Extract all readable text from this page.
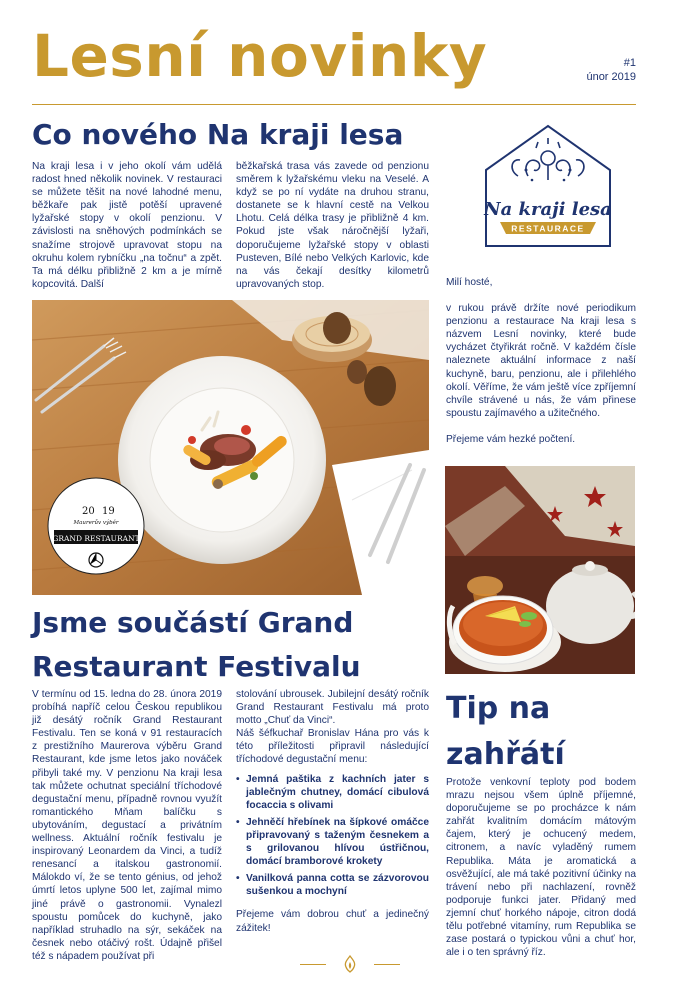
Lesní novinky	#1
únor 2019
Co nového Na kraji lesa

Na kraji lesa i v jeho okolí vám udělá radost hned několik novinek. V restauraci se můžete těšit na nové lahodné menu, běžkaře pak jistě potěší upravené lyžařské stopy v okolí penzionu. V závislosti na sněhových podmínkách se snažíme strojově upravovat stopu na okruhu kolem rybníčku „na točnu“ a zpět. Ta má délku přibližně 2 km a je mírně kopcovitá. Další

běžkařská trasa vás zavede od penzionu směrem k lyžařskému vleku na Veselé. A když se po ní vydáte na druhou stranu, dostanete se k hlavní cestě na Velkou Lhotu. Celá délka trasy je přibližně 4 km. Pokud jste však náročnější lyžaři, doporučujeme lyžařské stopy v oblasti Pusteven, Bílé nebo Velkých Karlovic, kde na vás čekají desítky kilometrů upravovaných stop.

Na kraji lesa
RESTAURACE

Milí hosté,

v rukou právě držíte nové periodikum penzionu a restaurace Na kraji lesa s názvem Lesní novinky, které bude vycházet čtyřikrát ročně. V každém čísle naleznete aktuální informace z naší kuchyně, baru, penzionu, ale i přilehlého okolí. Věříme, že vám ještě více zpříjemní chvíle strávené u nás, že vám přinese spoustu zajímavého a užitečného.

Přejeme vám hezké počtení.

20 19
Maurerův výběr
GRAND RESTAURANT
Jsme součástí Grand
Restaurant Festivalu

V termínu od 15. ledna do 28. února 2019 probíhá napříč celou Českou republikou již desátý ročník Grand Restaurant Festivalu. Ten se koná v 91 restauracích z prestižního Maurerova výběru Grand Restaurant, kde jsme letos jako nováček přibyli také my. V penzionu Na kraji lesa tak můžete ochutnat speciální tříchodové degustační menu, případně rovnou využít romantického Mňam balíčku s ubytováním, degustací a privátním wellness. Aktuální ročník festivalu je inspirovaný Leonardem da Vinci, a tudíž renesancí a italskou gastronomií. Málokdo ví, že se tento génius, od jehož úmrtí letos uplyne 500 let, zajímal mimo jiné právě o gastronomii. Vynalezl spoustu pomůcek do kuchyně, jako například struhadlo na sýr, sekáček na česnek nebo otáčivý rošt. Údajně přišel též s nápadem používat při

stolování ubrousek. Jubilejní desátý ročník Grand Restaurant Festivalu má proto motto „Chuť da Vinci“.

Náš šéfkuchař Bronislav Hána pro vás k této příležitosti připravil následující tříchodové degustační menu:

• Jemná paštika z kachních jater s jablečným chutney, domácí cibulová focaccia s olivami
• Jehněčí hřebínek na šípkové omáčce připravovaný s taženým česnekem a s grilovanou hlívou ústřičnou, domácí bramborové krokety
• Vanilková panna cotta se zázvorovou sušenkou a mochyní

Přejeme vám dobrou chuť a jedinečný zážitek!

Tip na
zahřátí

Protože venkovní teploty pod bodem mrazu nejsou všem úplně příjemné, doporučujeme se po procházce k nám zahřát kvalitním domácím mátovým čajem, který je ochucený medem, citronem, a navíc vyladěný rumem Republika. Máta je aromatická a osvěžující, ale má také pozitivní účinky na trávení nebo při nachlazení, rovněž podporuje funkci jater. Přidaný med zjemní chuť horkého nápoje, citron dodá tělu potřebné vitamíny, rum Republika se zase postará o typickou vůni a chuť hor, ale i o ten správný říz.
